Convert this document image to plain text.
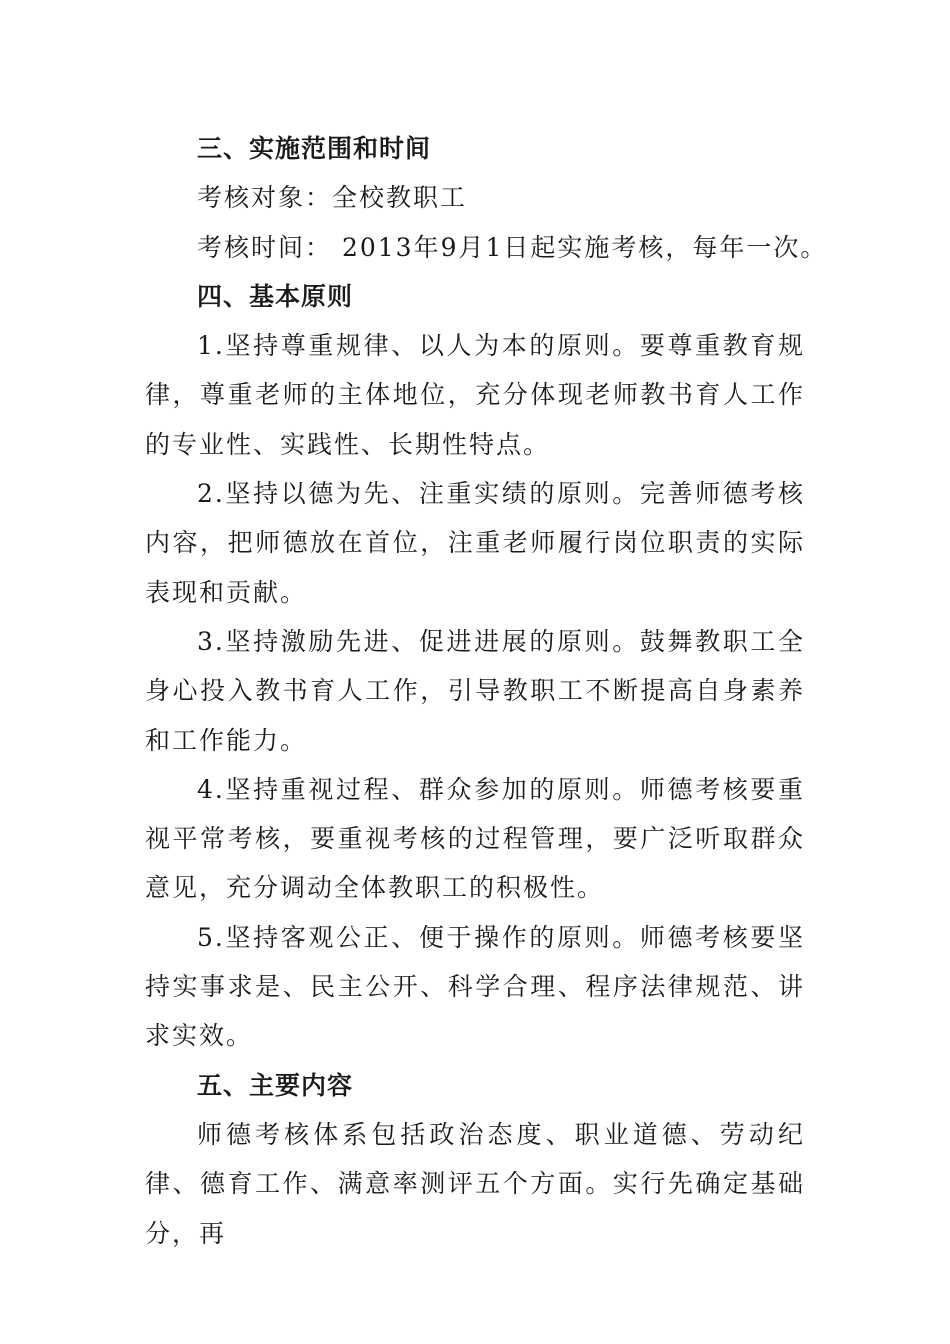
三、实施范围和时间

考核对象：全校教职工

考核时间： 2013年9月1日起实施考核，每年一次。

四、基本原则

1.坚持尊重规律、以人为本的原则。要尊重教育规律，尊重老师的主体地位，充分体现老师教书育人工作的专业性、实践性、长期性特点。

2.坚持以德为先、注重实绩的原则。完善师德考核内容，把师德放在首位，注重老师履行岗位职责的实际表现和贡献。

3.坚持激励先进、促进进展的原则。鼓舞教职工全身心投入教书育人工作，引导教职工不断提高自身素养和工作能力。

4.坚持重视过程、群众参加的原则。师德考核要重视平常考核，要重视考核的过程管理，要广泛听取群众意见，充分调动全体教职工的积极性。

5.坚持客观公正、便于操作的原则。师德考核要坚持实事求是、民主公开、科学合理、程序法律规范、讲求实效。

五、主要内容

师德考核体系包括政治态度、职业道德、劳动纪律、德育工作、满意率测评五个方面。实行先确定基础分，再
